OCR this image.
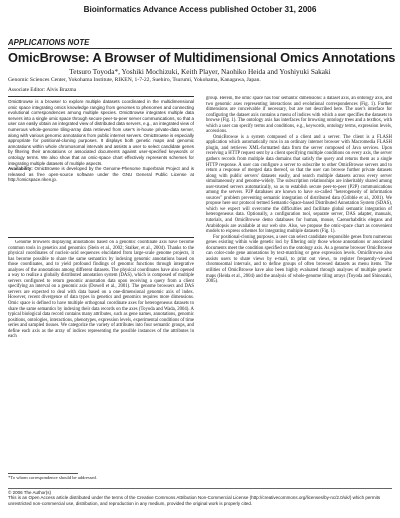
Bioinformatics Advance Access published October 31, 2006
APPLICATIONS NOTE
OmicBrowse: A Browser of Multidimensional Omics Annotations
Tetsuro Toyoda*, Yoshiki Mochizuki, Keith Player, Naohiko Heida and Yoshiyuki Sakaki
Genomic Sciences Center, Yokohama Institute, RIKEN, 1-7-22, Suehiro, Tsurumi, Yokohama, Kanagawa, Japan.
Associate Editor: Alvis Brazma

OmicBrowse is a browser to explore multiple datasets coordinated in the multidimensional omic space integrating omics knowledge ranging from genomes to phenomes and connecting evolutional correspondences among multiple species. OmicBrowse integrates multiple data servers into a single omic space through secure peer-to-peer server communications, so that a user can easily obtain an integrated view of distributed data servers, e.g., an integrated view of numerous whole-genome tiling-array data retrieved from user's in-house private-data server, along with various genomic annotations from public internet servers. OmicBrowse is especially appropriate for positional-cloning purposes. It displays both genetic maps and genomic annotations within whole chromosomal intervals and assists a user to select candidate genes by filtering their annotations or associated documents against user-specified keywords or ontology terms. We also show that an omic-space chart effectively represents schemes for integrating multiple datasets of multiple aspects.

Availability: OmicBrowse is developed by the Genome-Phenome Superbrain Project and is released as free open-source software under the GNU General Public License at http://omicspace.riken.jp.

Genome browsers displaying annotations based on a genomic coordinate axis have become common tools in genetics and genomics (Stein et al., 2002; Stalker, et al., 2004). Thanks to the physical coordinates of nucleic-acid sequences elucidated from large-scale genome projects, it has become possible to share the same semantics by indexing genomic annotations based on those coordinates, and to yield profound findings of genomic functions through integrative analyses of the annotations among different datasets. The physical coordinates have also opened a way to realize a globally distributed annotation system (DAS), which is composed of multiple servers configured to return genomic annotation data upon receiving a query from a client specifying an interval on a genomic axis (Dowell et al., 2001). The genome browsers and DAS servers are expected to deal with data based on a one-dimensional genomic axis of index. However, recent divergence of data types in genetics and genomics requires more dimensions. Omic space is defined to have multiple orthogonal coordinate axes for heterogeneous datasets to share the same semantics by indexing their data records on the axes (Toyoda and Wada, 2004). A typical biological data record contains many attributes, such as gene names, annotations, genomic positions, ontologies, interactions, phenotypes, expression levels, experimental conditions of time series and sampled tissues. We categorize the variety of attributes into four semantic groups, and define each axis as the array of indices representing the possible instances of the attributes in each

group. Herein, the omic space has four semantic dimensions: a dataset axis, an ontology axis, and two genomic axes representing interactions and evolutional correspondences (Fig. 1). Further dimensions are conceivable if necessary, but are not described here. The user's interface for configuring the dataset axis contains a menu of indices with which a user specifies the datasets to browse (Fig. 1). The ontology axis has interfaces for browsing ontology trees and a textbox, with which a user can specify terms and conditions, e.g., keywords, ontology terms, expression levels, accessions.

OmicBrowse is a system composed of a client and a server. The client is a FLASH application which automatically runs in an ordinary internet browser with Macromedia FLASH plugin, and retrieves XML-formatted data from the server composed of Java services. Upon receiving a HTTP request sent by a client specifying multiple conditions on every axis, the server gathers records from multiple data domains that satisfy the query and returns them as a single HTTP response. A user can configure a server to subscribe to other OmicBrowse servers and to return a response of merged data thereof, so that the user can browse further private datasets along with public servers' datasets easily, and search multiple datasets across every server simultaneously and genome-widely. The subscription relationships are inheritably shared among user-trusted servers automatically, so as to establish secure peer-to-peer (P2P) communications among the servers. P2P databases are known to have so-called "heterogeneity of information sources" problem preventing semantic integration of distributed data (Gribble et al., 2001). We propose here our protocol termed Semantic-Space-based Distributed Annotation System (SDAS), which we expect will overcome the difficulties and facilitate global semantic integration of heterogeneous data. Optionally, a configuration tool, separate server, DAS adapter, manuals, tutorials, and OmicBrowse demo databases for human, mouse, Caenorhabditis elegans and Arabidopsis are available at our web site. Also, we propose the omic-space chart as convenient models to express schemes for integrating multiple datasets (Fig. 1).

For positional-cloning purposes, a user can select candidate responsible genes from numerous genes existing within wide genetic loci by filtering only those whose annotations or associated documents meet the condition specified on the ontology axis. As a genome browser OmicBrowse can color-code gene annotations by text-matching or gene expression levels. OmicBrowse also assists users to share views by e-mail, to print out views, to register frequently-viewed chromosomal intervals, and to define groups of often browsed datasets as menu items. The utilities of OmicBrowse have also been highly evaluated through analyses of multiple genetic maps (Heida et al., 2004) and the analysis of whole-genome tiling arrays (Toyoda and Shinozaki, 2005).

*To whom correspondence should be addressed.
© 2006 The Author(s)
This is an Open Access article distributed under the terms of the Creative Commons Attribution Non-Commercial License (http://creativecommons.org/licenses/by-nc/2.0/uk/) which permits unrestricted non-commercial use, distribution, and reproduction in any medium, provided the original work is properly cited.
